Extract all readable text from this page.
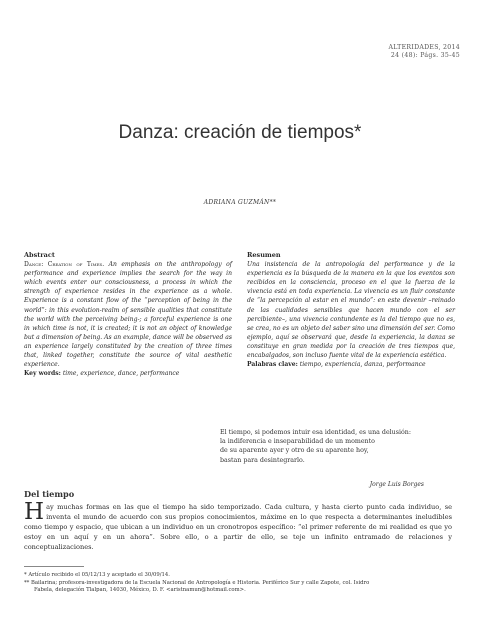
ALTERIDADES, 2014
24 (48): Págs. 35-45
Danza: creación de tiempos*
ADRIANA GUZMÁN**
Abstract
Dance: Creation of Times. An emphasis on the anthropology of performance and experience implies the search for the way in which events enter our consciousness, a process in which the strength of experience resides in the experience as a whole. Experience is a constant flow of the “perception of being in the world”: in this evolution-realm of sensible qualities that constitute the world with the perceiving being-; a forceful experience is one in which time is not, it is created; it is not an object of knowledge but a dimension of being. As an example, dance will be observed as an experience largely constituted by the creation of three times that, linked together, constitute the source of vital aesthetic experience.
Key words: time, experience, dance, performance
Resumen
Una insistencia de la antropología del performance y de la experiencia es la búsqueda de la manera en la que los eventos son recibidos en la consciencia, proceso en el que la fuerza de la vivencia está en toda experiencia. La vivencia es un fluir constante de “la percepción al estar en el mundo”: en este devenir –reinado de las cualidades sensibles que hacen mundo con el ser percibiente–, una vivencia contundente es la del tiempo que no es, se crea, no es un objeto del saber sino una dimensión del ser. Como ejemplo, aquí se observará que, desde la experiencia, la danza se constituye en gran medida por la creación de tres tiempos que, encabalgados, son incluso fuente vital de la experiencia estética.
Palabras clave: tiempo, experiencia, danza, performance
El tiempo, si podemos intuir esa identidad, es una delusión:
la indiferencia e inseparabilidad de un momento
de su aparente ayer y otro de su aparente hoy,
bastan para desintegrarlo.
Jorge Luis Borges
Del tiempo
Hay muchas formas en las que el tiempo ha sido temporizado. Cada cultura, y hasta cierto punto cada individuo, se inventa el mundo de acuerdo con sus propios conocimientos, máxime en lo que respecta a determinantes ineludibles como tiempo y espacio, que ubican a un individuo en un cronotropos específico: “el primer referente de mi realidad es que yo estoy en un aquí y en un ahora”. Sobre ello, o a partir de ello, se teje un infinito entramado de relaciones y conceptualizaciones.
* Artículo recibido el 05/12/13 y aceptado el 30/09/14.
** Bailarina; profesora-investigadora de la Escuela Nacional de Antropología e Historia. Periférico Sur y calle Zapote, col. Isidro
Fabela, delegación Tlalpan, 14030, México, D. F. <aristnamun@hotmail.com>.
